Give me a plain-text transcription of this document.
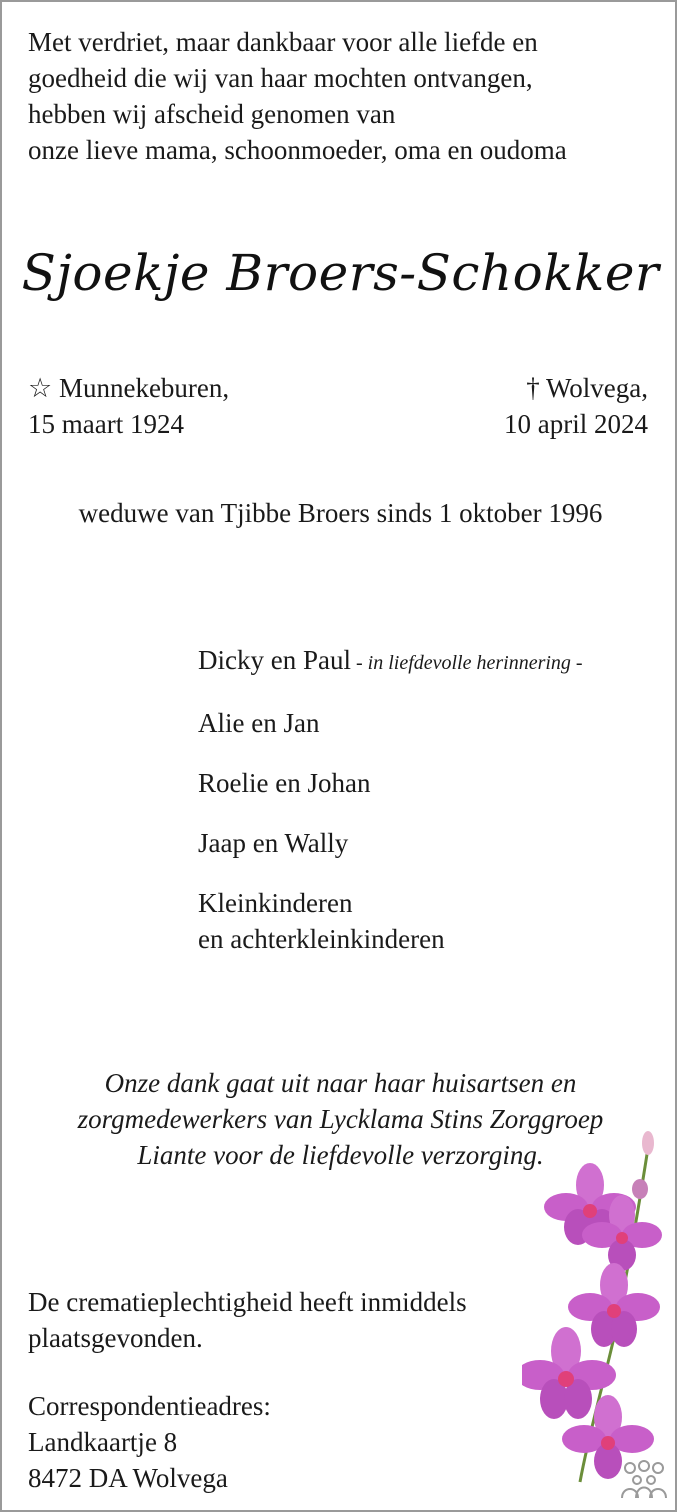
Met verdriet, maar dankbaar voor alle liefde en
goedheid die wij van haar mochten ontvangen,
hebben wij afscheid genomen van
onze lieve mama, schoonmoeder, oma en oudoma
Sjoekje Broers-Schokker
☆ Munnekeburen,
15 maart 1924
† Wolvega,
10 april 2024
weduwe van Tjibbe Broers sinds 1 oktober 1996
Dicky en Paul - in liefdevolle herinnering -
Alie en Jan
Roelie en Johan
Jaap en Wally
Kleinkinderen
en achterkleinkinderen
Onze dank gaat uit naar haar huisartsen en
zorgmedewerkers van Lycklama Stins Zorggroep
Liante voor de liefdevolle verzorging.
De crematieplechtigheid heeft inmiddels
plaatsgevonden.
Correspondentieadres:
Landkaartje 8
8472 DA Wolvega
